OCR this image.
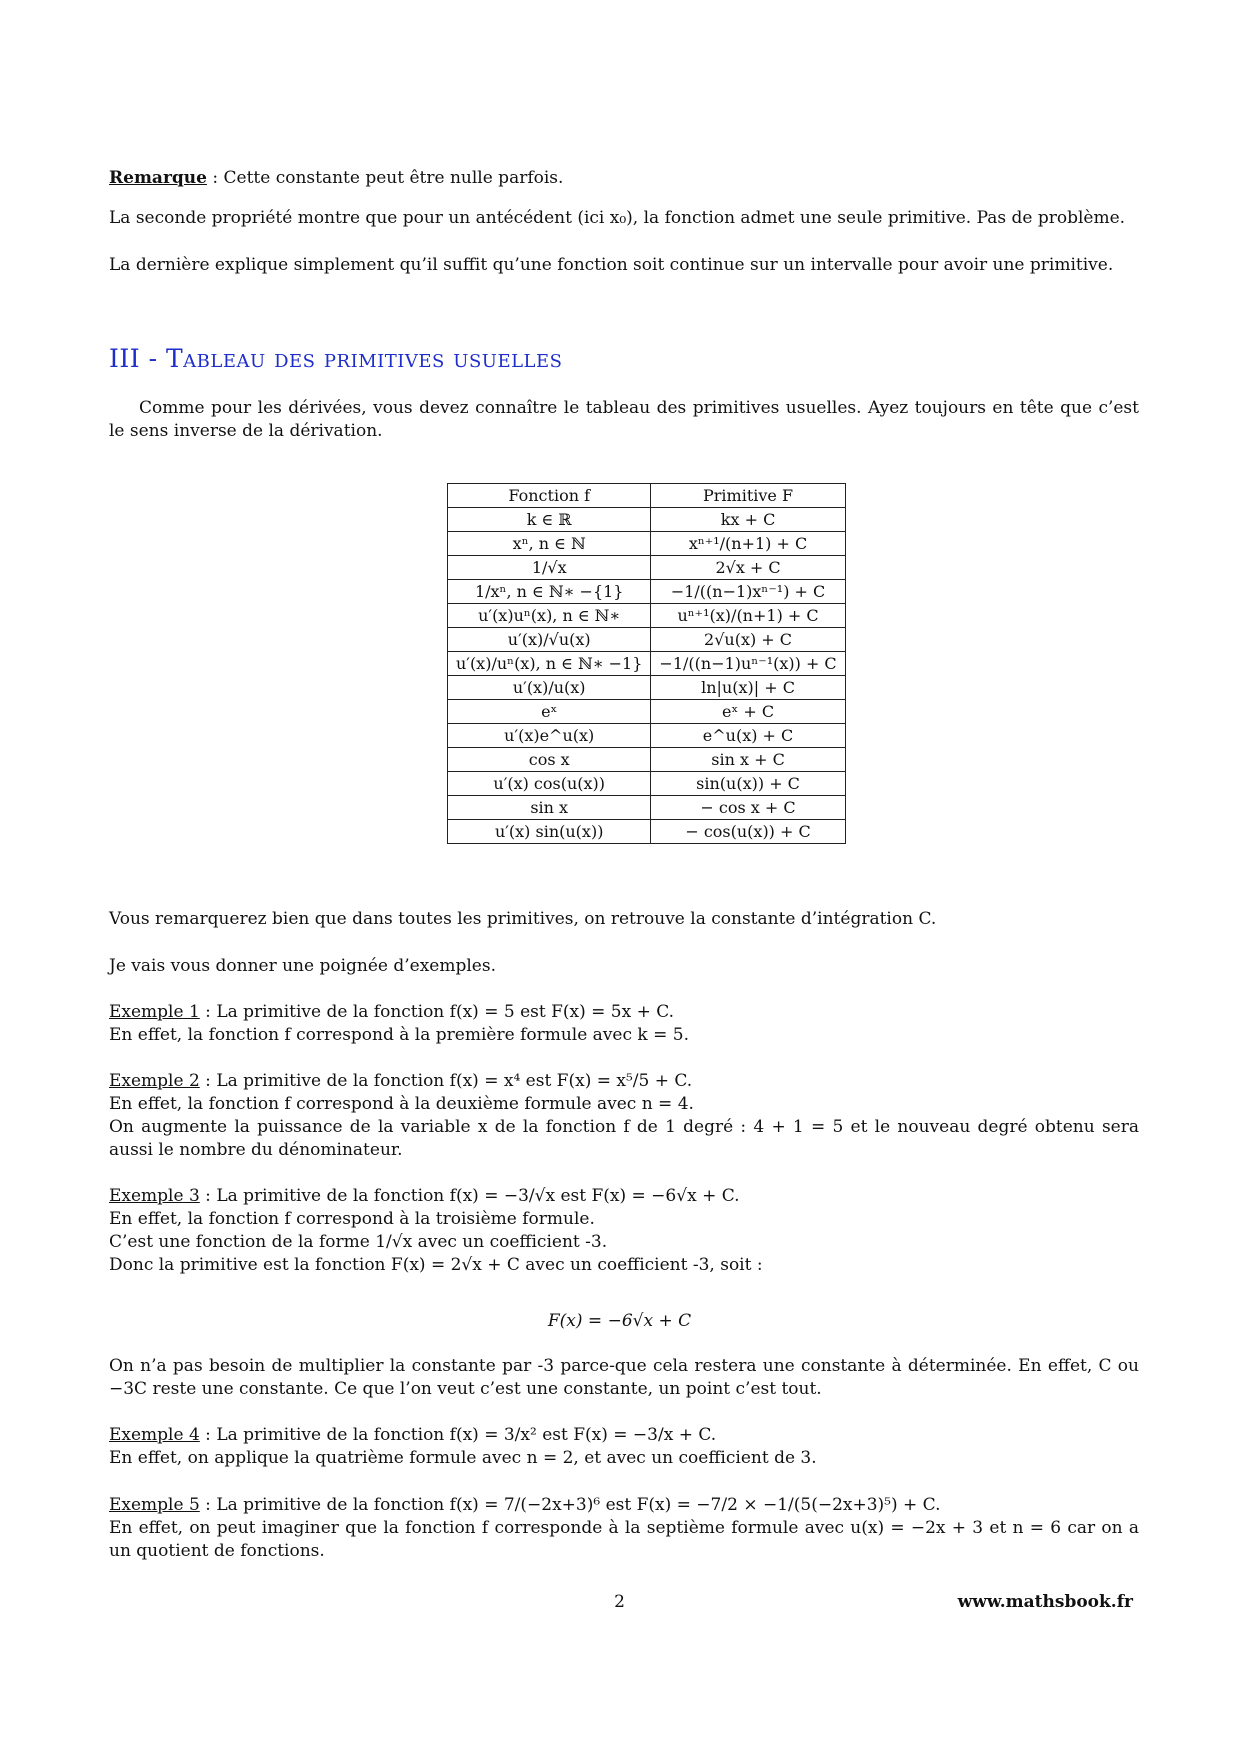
Remarque : Cette constante peut être nulle parfois.

La seconde propriété montre que pour un antécédent (ici x₀), la fonction admet une seule primitive. Pas de problème.

La dernière explique simplement qu’il suffit qu’une fonction soit continue sur un intervalle pour avoir une primitive.

III - Tableau des primitives usuelles

Comme pour les dérivées, vous devez connaître le tableau des primitives usuelles. Ayez toujours en tête que c’est le sens inverse de la dérivation.

Fonction f	Primitive F
k ∈ ℝ	kx + C
xⁿ, n ∈ ℕ	xⁿ⁺¹/(n+1) + C
1/√x	2√x + C
1/xⁿ, n ∈ ℕ∗ −{1}	−1/((n−1)xⁿ⁻¹) + C
u′(x)uⁿ(x), n ∈ ℕ∗	uⁿ⁺¹(x)/(n+1) + C
u′(x)/√u(x)	2√u(x) + C
u′(x)/uⁿ(x), n ∈ ℕ∗ −1}	−1/((n−1)uⁿ⁻¹(x)) + C
u′(x)/u(x)	ln|u(x)| + C
eˣ	eˣ + C
u′(x)e^u(x)	e^u(x) + C
cos x	sin x + C
u′(x) cos(u(x))	sin(u(x)) + C
sin x	− cos x + C
u′(x) sin(u(x))	− cos(u(x)) + C

Vous remarquerez bien que dans toutes les primitives, on retrouve la constante d’intégration C.

Je vais vous donner une poignée d’exemples.

Exemple 1 : La primitive de la fonction f(x) = 5 est F(x) = 5x + C.
En effet, la fonction f correspond à la première formule avec k = 5.
Exemple 2 : La primitive de la fonction f(x) = x⁴ est F(x) = x⁵/5 + C.
En effet, la fonction f correspond à la deuxième formule avec n = 4.
On augmente la puissance de la variable x de la fonction f de 1 degré : 4 + 1 = 5 et le nouveau degré obtenu sera aussi le nombre du dénominateur.
Exemple 3 : La primitive de la fonction f(x) = −3/√x est F(x) = −6√x + C.
En effet, la fonction f correspond à la troisième formule.
C’est une fonction de la forme 1/√x avec un coefficient -3.
Donc la primitive est la fonction F(x) = 2√x + C avec un coefficient -3, soit :

F(x) = −6√x + C

On n’a pas besoin de multiplier la constante par -3 parce-que cela restera une constante à déterminée. En effet, C ou −3C reste une constante. Ce que l’on veut c’est une constante, un point c’est tout.

Exemple 4 : La primitive de la fonction f(x) = 3/x² est F(x) = −3/x + C.
En effet, on applique la quatrième formule avec n = 2, et avec un coefficient de 3.
Exemple 5 : La primitive de la fonction f(x) = 7/(−2x+3)⁶ est F(x) = −7/2 × −1/(5(−2x+3)⁵) + C.
En effet, on peut imaginer que la fonction f corresponde à la septième formule avec u(x) = −2x + 3 et n = 6 car on a un quotient de fonctions.

2	www.mathsbook.fr
